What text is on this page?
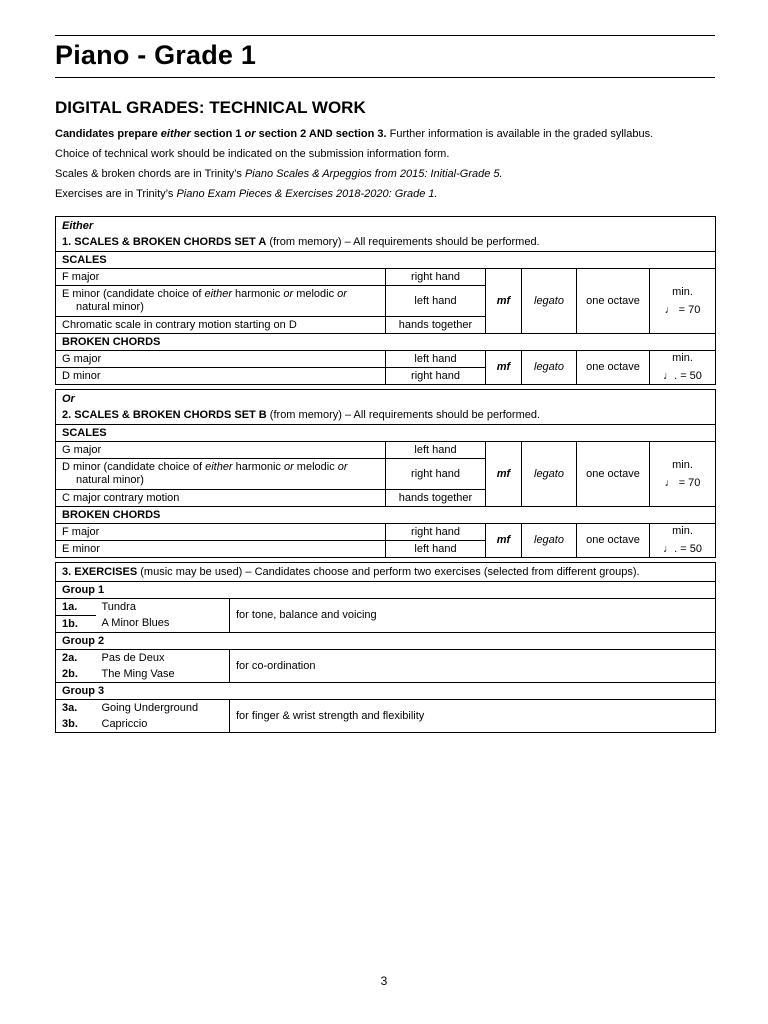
Piano - Grade 1
DIGITAL GRADES: TECHNICAL WORK
Candidates prepare either section 1 or section 2 AND section 3. Further information is available in the graded syllabus.
Choice of technical work should be indicated on the submission information form.
Scales & broken chords are in Trinity’s Piano Scales & Arpeggios from 2015: Initial-Grade 5.
Exercises are in Trinity’s Piano Exam Pieces & Exercises 2018-2020: Grade 1.
Either
1. SCALES & BROKEN CHORDS SET A (from memory) – All requirements should be performed.					

SCALES					
F major	right hand	mf	legato	one octave	min.
♩ = 70

E minor (candidate choice of either harmonic or melodic or
natural minor)	left hand				
Chromatic scale in contrary motion starting on D	hands together				
BROKEN CHORDS					
G major	left hand	mf	legato	one octave	min.
♩. = 50

D minor	right hand				
Or
2. SCALES & BROKEN CHORDS SET B (from memory) – All requirements should be performed.					

SCALES					
G major	left hand	mf	legato	one octave	min.
♩ = 70

D minor (candidate choice of either harmonic or melodic or
natural minor)	right hand				
C major contrary motion	hands together				
BROKEN CHORDS					
F major	right hand	mf	legato	one octave	min.
♩. = 50

E minor	left hand				
3. EXERCISES (music may be used) – Candidates choose and perform two exercises (selected from different groups).		
Group 1		
1a.	Tundra	for tone, balance and voicing
1b.	A Minor Blues	
Group 2		
2a.	Pas de Deux	for co-ordination
2b.	The Ming Vase	
Group 3		
3a.	Going Underground	for finger & wrist strength and flexibility
3b.	Capriccio	
3
